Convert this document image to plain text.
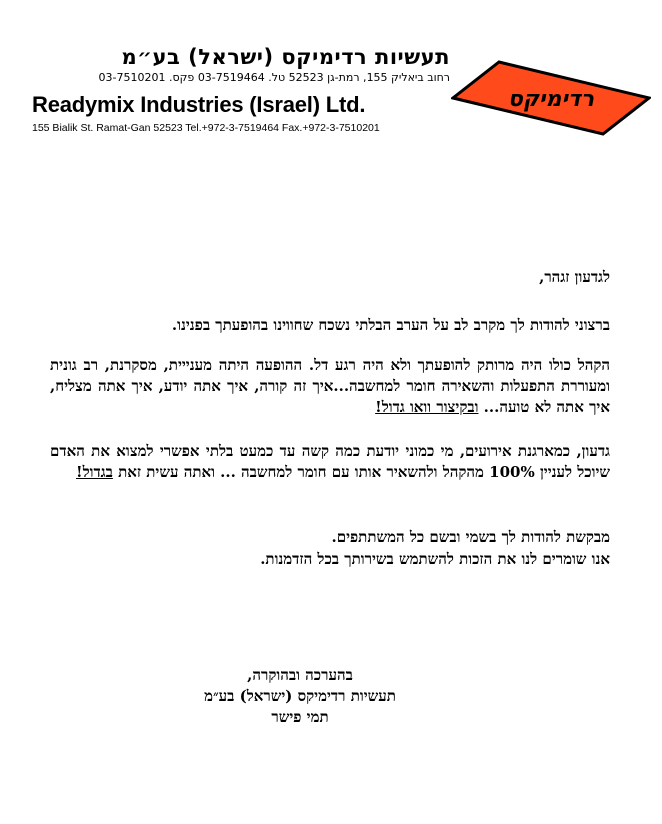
תעשיות רדימיקס (ישראל) בע״מ
רחוב ביאליק 155, רמת-גן 52523 טל. 03-7519464 פקס. 03-7510201
Readymix Industries (Israel) Ltd.
155 Bialik St. Ramat-Gan 52523 Tel.+972-3-7519464 Fax.+972-3-7510201
רדימיקס
לגדעון זגהר,
ברצוני להודות לך מקרב לב על הערב הבלתי נשכח שחווינו בהופעתך בפנינו.
הקהל כולו היה מרותק להופעתך ולא היה רגע דל. ההופעה היתה מענייית, מסקרנת, רב גונית ומעוררת התפעלות והשאירה חומר למחשבה...איך זה קורה, איך אתה יודע, איך אתה מצליח, איך אתה לא טועה... ובקיצור וואו גדול!
גדעון, כמארגנת אירועים, מי כמוני יודעת כמה קשה עד כמעט בלתי אפשרי למצוא את האדם שיוכל לעניין 100% מהקהל ולהשאיר אותו עם חומר למחשבה ... ואתה עשית זאת בגדול!
מבקשת להודות לך בשמי ובשם כל המשתתפים.
אנו שומרים לנו את הזכות להשתמש בשירותך בכל הזדמנות.
בהערכה ובהוקרה,
תעשיות רדימיקס (ישראל) בע״מ
תמי פישר
